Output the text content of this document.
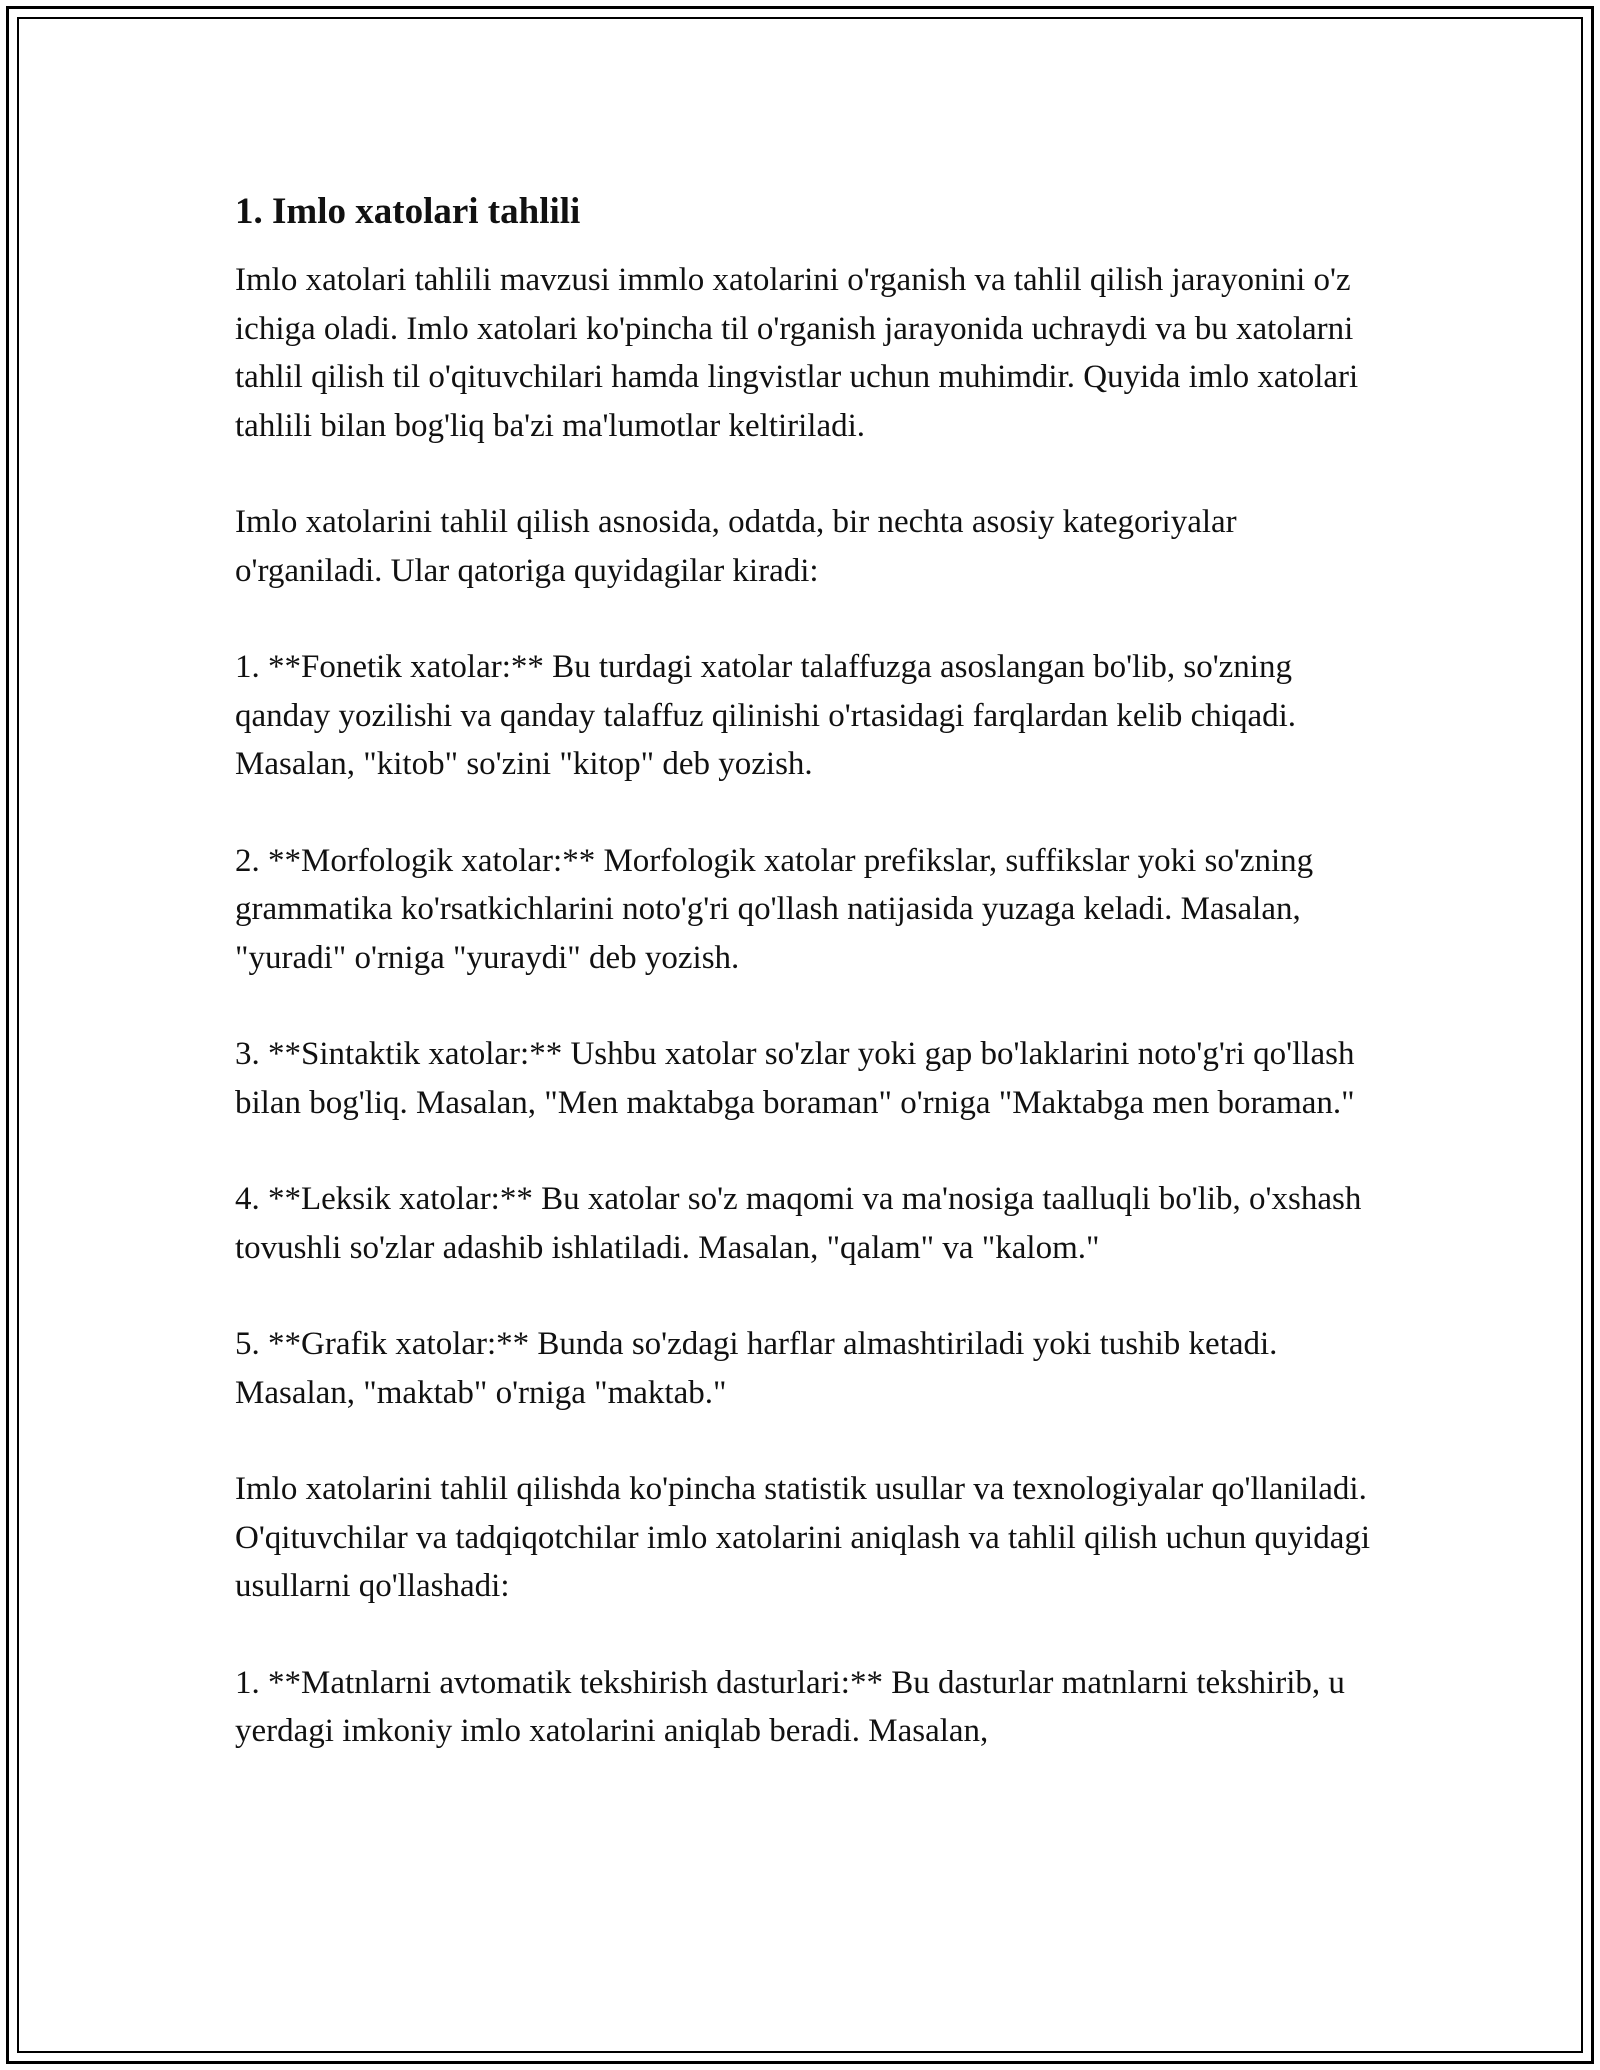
1. Imlo xatolari tahlili

Imlo xatolari tahlili mavzusi immlo xatolarini o'rganish va tahlil qilish jarayonini o'z ichiga oladi. Imlo xatolari ko'pincha til o'rganish jarayonida uchraydi va bu xatolarni tahlil qilish til o'qituvchilari hamda lingvistlar uchun muhimdir. Quyida imlo xatolari tahlili bilan bog'liq ba'zi ma'lumotlar keltiriladi.

Imlo xatolarini tahlil qilish asnosida, odatda, bir nechta asosiy kategoriyalar o'rganiladi. Ular qatoriga quyidagilar kiradi:

1. **Fonetik xatolar:** Bu turdagi xatolar talaffuzga asoslangan bo'lib, so'zning qanday yozilishi va qanday talaffuz qilinishi o'rtasidagi farqlardan kelib chiqadi. Masalan, "kitob" so'zini "kitop" deb yozish.

2. **Morfologik xatolar:** Morfologik xatolar prefikslar, suffikslar yoki so'zning grammatika ko'rsatkichlarini noto'g'ri qo'llash natijasida yuzaga keladi. Masalan, "yuradi" o'rniga "yuraydi" deb yozish.

3. **Sintaktik xatolar:** Ushbu xatolar so'zlar yoki gap bo'laklarini noto'g'ri qo'llash bilan bog'liq. Masalan, "Men maktabga boraman" o'rniga "Maktabga men boraman."

4. **Leksik xatolar:** Bu xatolar so'z maqomi va ma'nosiga taalluqli bo'lib, o'xshash tovushli so'zlar adashib ishlatiladi. Masalan, "qalam" va "kalom."

5. **Grafik xatolar:** Bunda so'zdagi harflar almashtiriladi yoki tushib ketadi. Masalan, "maktab" o'rniga "maktab."

Imlo xatolarini tahlil qilishda ko'pincha statistik usullar va texnologiyalar qo'llaniladi. O'qituvchilar va tadqiqotchilar imlo xatolarini aniqlash va tahlil qilish uchun quyidagi usullarni qo'llashadi:

1. **Matnlarni avtomatik tekshirish dasturlari:** Bu dasturlar matnlarni tekshirib, u yerdagi imkoniy imlo xatolarini aniqlab beradi. Masalan,
